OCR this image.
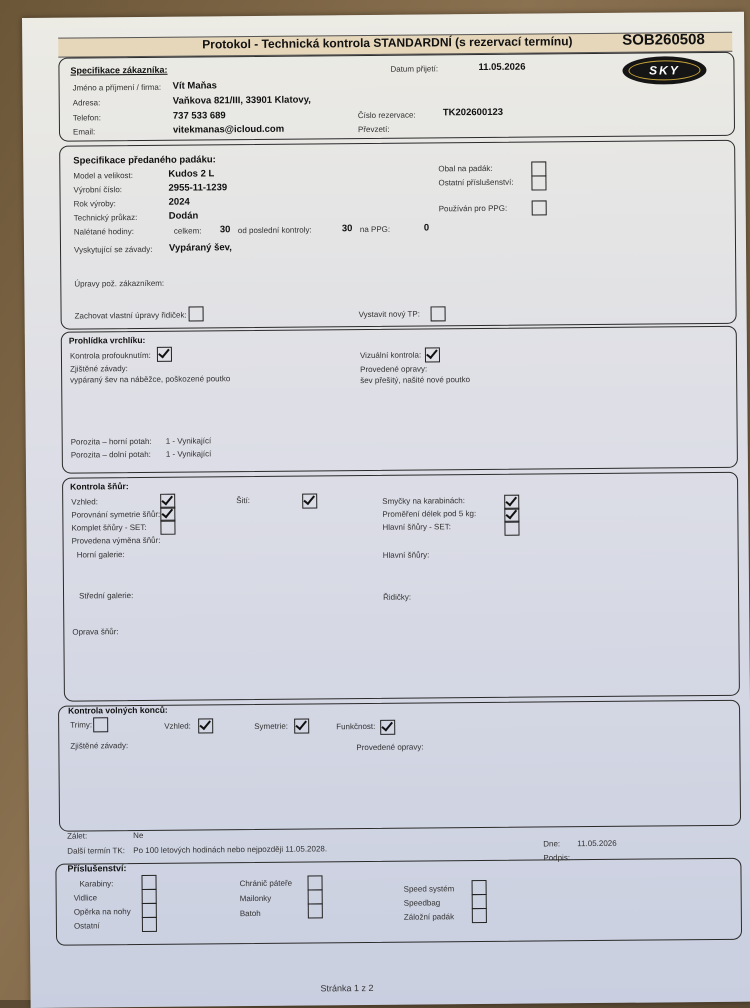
Protokol - Technická kontrola STANDARDNÍ (s rezervací termínu)	SOB260508
SKY
Specifikace zákazníka:	Datum přijetí:	11.05.2026
Jméno a příjmení / firma: Vít Maňas
Adresa:	Vaňkova 821/III, 33901 Klatovy,
Telefon:	737 533 689
Email:	vitekmanas@icloud.com
Číslo rezervace:	TK202600123
Převzetí:
Specifikace předaného padáku:
Model a velikost:	Kudos 2 L
Výrobní číslo:	2955-11-1239
Rok výroby:	2024
Technický průkaz:	Dodán
Nalétané hodiny:	celkem: 30 od poslední kontroly:	30 na PPG:	0
Vyskytující se závady: Vypáraný šev,
Obal na padák:
Ostatní příslušenství:
Používán pro PPG:
Úpravy pož. zákazníkem:
Zachovat vlastní úpravy řidiček:	Vystavit nový TP:
Prohlídka vrchlíku:
Kontrola profouknutím:	Vizuální kontrola:
Zjištěné závady:
vypáraný šev na náběžce, poškozené poutko
Provedené opravy:
šev přešitý, našité nové poutko
Porozita – horní potah: 1 - Vynikající
Porozita – dolní potah: 1 - Vynikající
Kontrola šňůr:
Vzhled:	Šití:	Smyčky na karabinách:
Porovnání symetrie šňůr:	Proměření délek pod 5 kg:
Komplet šňůry - SET:	Hlavní šňůry - SET:
Provedena výměna šňůr:
Horní galerie:	Hlavní šňůry:
Střední galerie:	Řidičky:
Oprava šňůr:
Kontrola volných konců:
Trimy:	Vzhled:	Symetrie:	Funkčnost:
Zjištěné závady:	Provedené opravy:
Zálet:	Ne
Další termín TK: Po 100 letových hodinách nebo nejpozději 11.05.2028.
Dne: 11.05.2026
Podpis:
Příslušenství:
Karabiny:
Vidlice
Opěrka na nohy
Ostatní
Chránič páteře
Mailonky
Batoh
Speed systém
Speedbag
Záložní padák
Stránka 1 z 2
